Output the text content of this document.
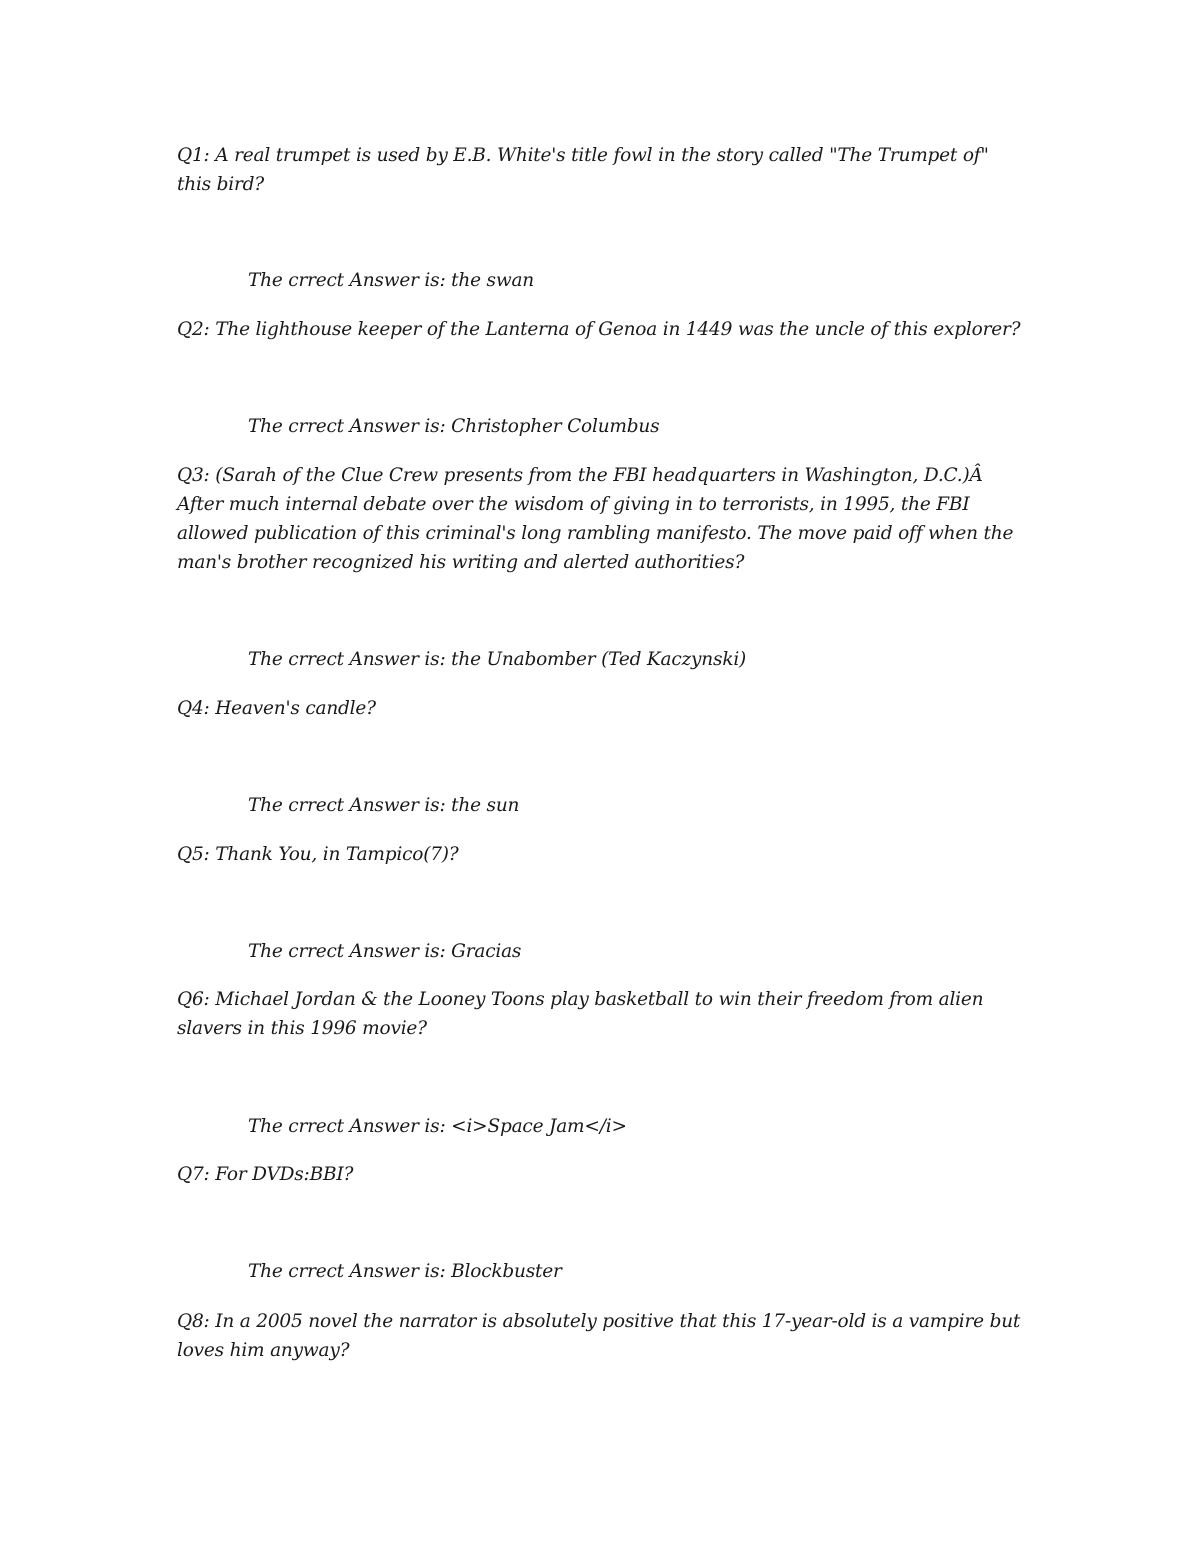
Q1: A real trumpet is used by E.B. White's title fowl in the story called "The Trumpet of" this bird?
The crrect Answer is: the swan
Q2: The lighthouse keeper of the Lanterna of Genoa in 1449 was the uncle of this explorer?
The crrect Answer is: Christopher Columbus
Q3: (Sarah of the Clue Crew presents from the FBI headquarters in Washington, D.C.)Â After much internal debate over the wisdom of giving in to terrorists, in 1995, the FBI allowed publication of this criminal's long rambling manifesto. The move paid off when the man's brother recognized his writing and alerted authorities?
The crrect Answer is: the Unabomber (Ted Kaczynski)
Q4: Heaven's candle?
The crrect Answer is: the sun
Q5: Thank You, in Tampico(7)?
The crrect Answer is: Gracias
Q6: Michael Jordan & the Looney Toons play basketball to win their freedom from alien slavers in this 1996 movie?
The crrect Answer is: <i>Space Jam</i>
Q7: For DVDs:BBI?
The crrect Answer is: Blockbuster
Q8: In a 2005 novel the narrator is absolutely positive that this 17-year-old is a vampire but loves him anyway?
